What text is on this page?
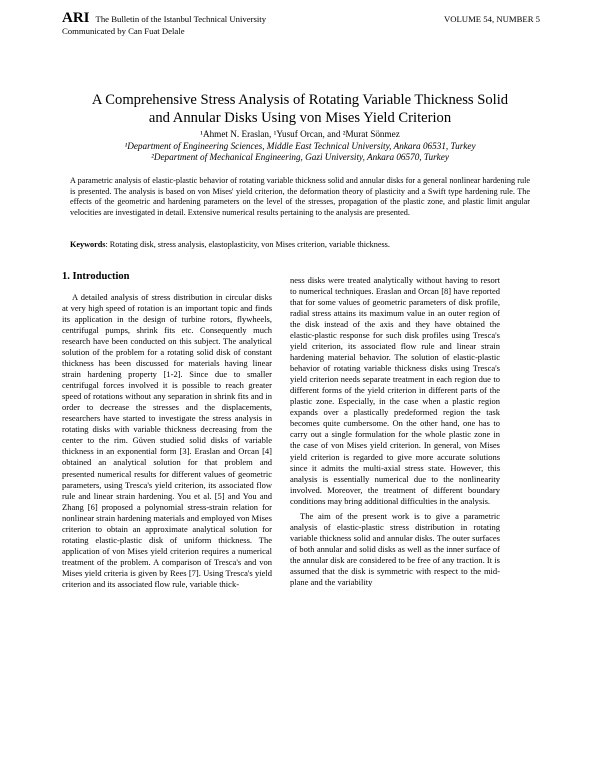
ARI The Bulletin of the Istanbul Technical University	VOLUME 54, NUMBER 5
Communicated by Can Fuat Delale
A Comprehensive Stress Analysis of Rotating Variable Thickness Solid
and Annular Disks Using von Mises Yield Criterion
¹Ahmet N. Eraslan, ¹Yusuf Orcan, and ²Murat Sönmez
¹Department of Engineering Sciences, Middle East Technical University, Ankara 06531, Turkey
²Department of Mechanical Engineering, Gazi University, Ankara 06570, Turkey
A parametric analysis of elastic-plastic behavior of rotating variable thickness solid and annular disks for a general nonlinear hardening rule is presented. The analysis is based on von Mises' yield criterion, the deformation theory of plasticity and a Swift type hardening rule. The effects of the geometric and hardening parameters on the level of the stresses, propagation of the plastic zone, and plastic limit angular velocities are investigated in detail. Extensive numerical results pertaining to the analysis are presented.
Keywords: Rotating disk, stress analysis, elastoplasticity, von Mises criterion, variable thickness.
1. Introduction

A detailed analysis of stress distribution in circular disks at very high speed of rotation is an important topic and finds its application in the design of turbine rotors, flywheels, centrifugal pumps, shrink fits etc. Consequently much research have been conducted on this subject. The analytical solution of the problem for a rotating solid disk of constant thickness has been discussed for materials having linear strain hardening property [1-2]. Since due to smaller centrifugal forces involved it is possible to reach greater speed of rotations without any separation in shrink fits and in order to decrease the stresses and the displacements, researchers have started to investigate the stress analysis in rotating disks with variable thickness decreasing from the center to the rim. Güven studied solid disks of variable thickness in an exponential form [3]. Eraslan and Orcan [4] obtained an analytical solution for that problem and presented numerical results for different values of geometric parameters, using Tresca's yield criterion, its associated flow rule and linear strain hardening. You et al. [5] and You and Zhang [6] proposed a polynomial stress-strain relation for nonlinear strain hardening materials and employed von Mises criterion to obtain an approximate analytical solution for rotating elastic-plastic disk of uniform thickness. The application of von Mises yield criterion requires a numerical treatment of the problem. A comparison of Tresca's and von Mises yield criteria is given by Rees [7]. Using Tresca's yield criterion and its associated flow rule, variable thick-

ness disks were treated analytically without having to resort to numerical techniques. Eraslan and Orcan [8] have reported that for some values of geometric parameters of disk profile, radial stress attains its maximum value in an outer region of the disk instead of the axis and they have obtained the elastic-plastic response for such disk profiles using Tresca's yield criterion, its associated flow rule and linear strain hardening material behavior. The solution of elastic-plastic behavior of rotating variable thickness disks using Tresca's yield criterion needs separate treatment in each region due to different forms of the yield criterion in different parts of the plastic zone. Especially, in the case when a plastic region expands over a plastically predeformed region the task becomes quite cumbersome. On the other hand, one has to carry out a single formulation for the whole plastic zone in the case of von Mises yield criterion. In general, von Mises yield criterion is regarded to give more accurate solutions since it admits the multi-axial stress state. However, this analysis is essentially numerical due to the nonlinearity involved. Moreover, the treatment of different boundary conditions may bring additional difficulties in the analysis.

The aim of the present work is to give a parametric analysis of elastic-plastic stress distribution in rotating variable thickness solid and annular disks. The outer surfaces of both annular and solid disks as well as the inner surface of the annular disk are considered to be free of any traction. It is assumed that the disk is symmetric with respect to the mid-plane and the variability
